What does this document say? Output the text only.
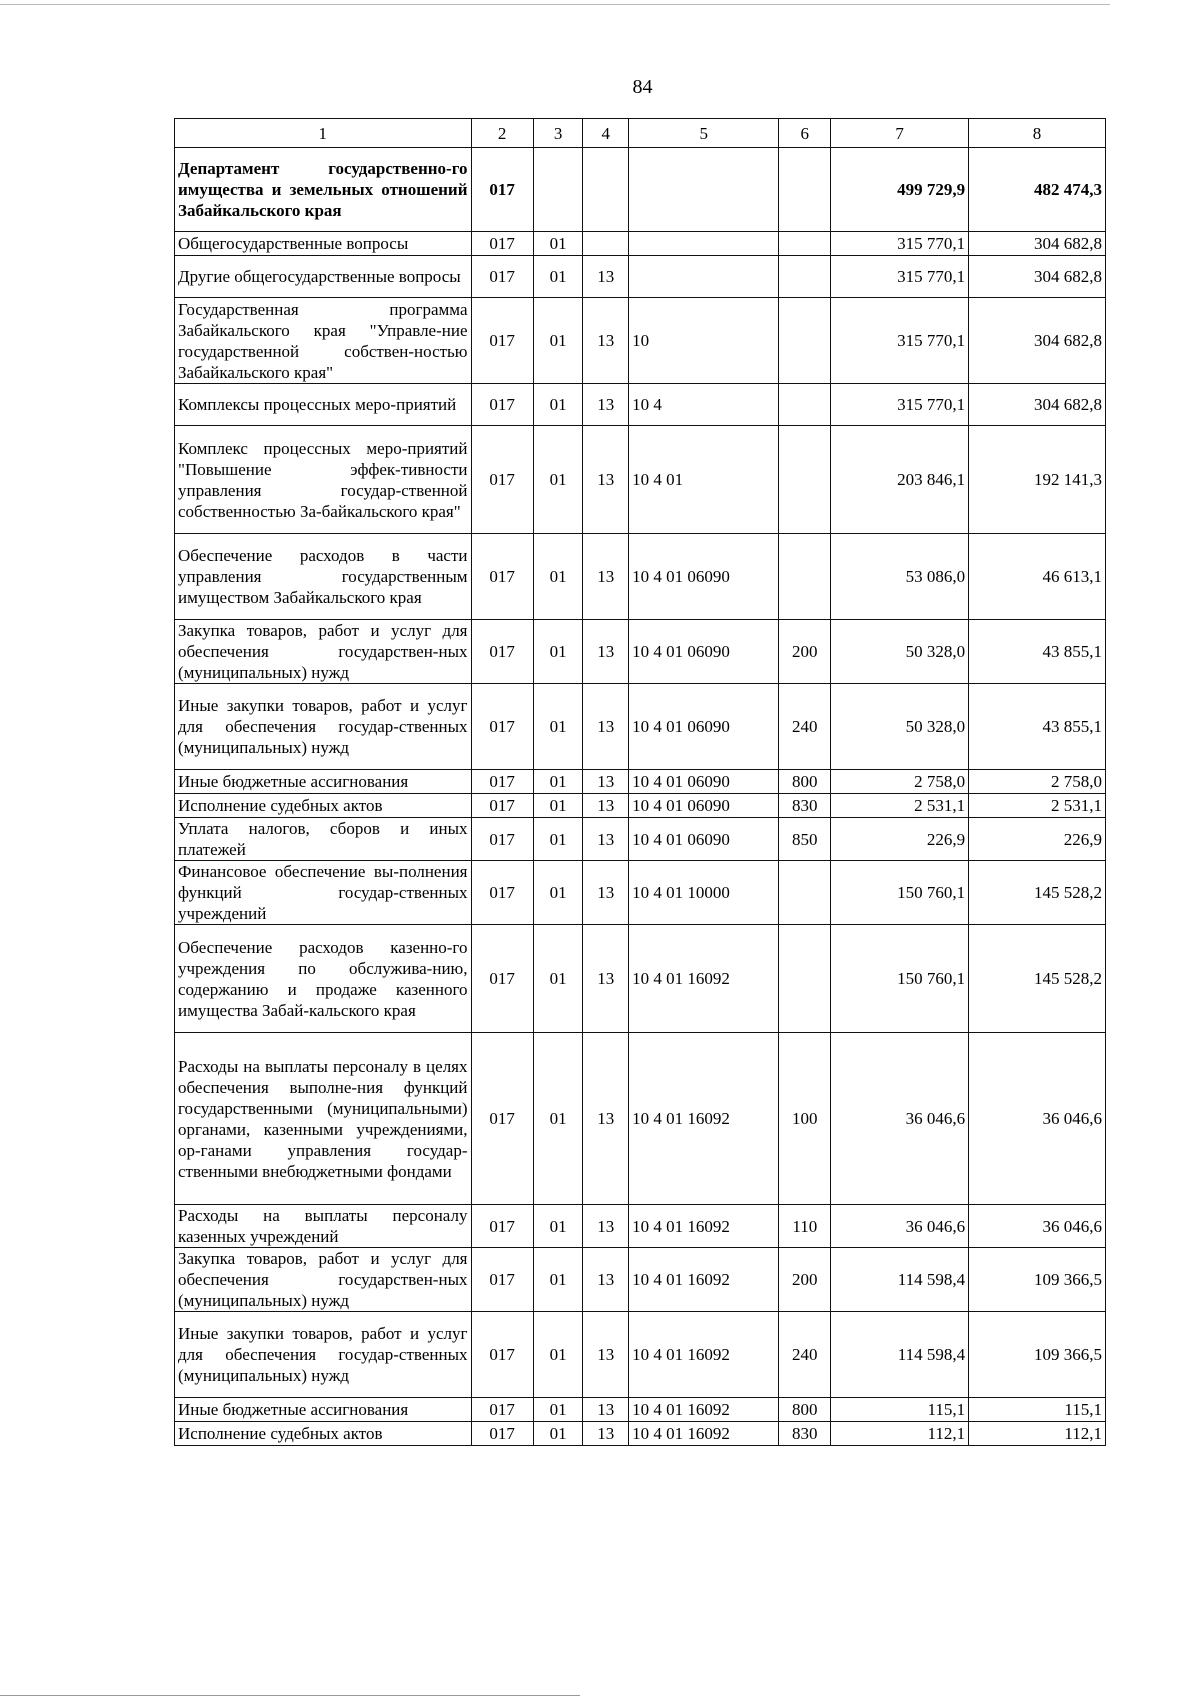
84
1	2	3	4	5	6	7	8
Департамент государственно-го имущества и земельных отношений Забайкальского края	017					499 729,9	482 474,3
Общегосударственные вопросы	017	01				315 770,1	304 682,8
Другие общегосударственные вопросы	017	01	13			315 770,1	304 682,8
Государственная программа Забайкальского края "Управле-ние государственной собствен-ностью Забайкальского края"	017	01	13	10		315 770,1	304 682,8
Комплексы процессных меро-приятий	017	01	13	10 4		315 770,1	304 682,8
Комплекс процессных меро-приятий "Повышение эффек-тивности управления государ-ственной собственностью За-байкальского края"	017	01	13	10 4 01		203 846,1	192 141,3
Обеспечение расходов в части управления государственным имуществом Забайкальского края	017	01	13	10 4 01 06090		53 086,0	46 613,1
Закупка товаров, работ и услуг для обеспечения государствен-ных (муниципальных) нужд	017	01	13	10 4 01 06090	200	50 328,0	43 855,1
Иные закупки товаров, работ и услуг для обеспечения государ-ственных (муниципальных) нужд	017	01	13	10 4 01 06090	240	50 328,0	43 855,1
Иные бюджетные ассигнования	017	01	13	10 4 01 06090	800	2 758,0	2 758,0
Исполнение судебных актов	017	01	13	10 4 01 06090	830	2 531,1	2 531,1
Уплата налогов, сборов и иных платежей	017	01	13	10 4 01 06090	850	226,9	226,9
Финансовое обеспечение вы-полнения функций государ-ственных учреждений	017	01	13	10 4 01 10000		150 760,1	145 528,2
Обеспечение расходов казенно-го учреждения по обслужива-нию, содержанию и продаже казенного имущества Забай-кальского края	017	01	13	10 4 01 16092		150 760,1	145 528,2
Расходы на выплаты персоналу в целях обеспечения выполне-ния функций государственными (муниципальными) органами, казенными учреждениями, ор-ганами управления государ-ственными внебюджетными фондами	017	01	13	10 4 01 16092	100	36 046,6	36 046,6
Расходы на выплаты персоналу казенных учреждений	017	01	13	10 4 01 16092	110	36 046,6	36 046,6
Закупка товаров, работ и услуг для обеспечения государствен-ных (муниципальных) нужд	017	01	13	10 4 01 16092	200	114 598,4	109 366,5
Иные закупки товаров, работ и услуг для обеспечения государ-ственных (муниципальных) нужд	017	01	13	10 4 01 16092	240	114 598,4	109 366,5
Иные бюджетные ассигнования	017	01	13	10 4 01 16092	800	115,1	115,1
Исполнение судебных актов	017	01	13	10 4 01 16092	830	112,1	112,1
